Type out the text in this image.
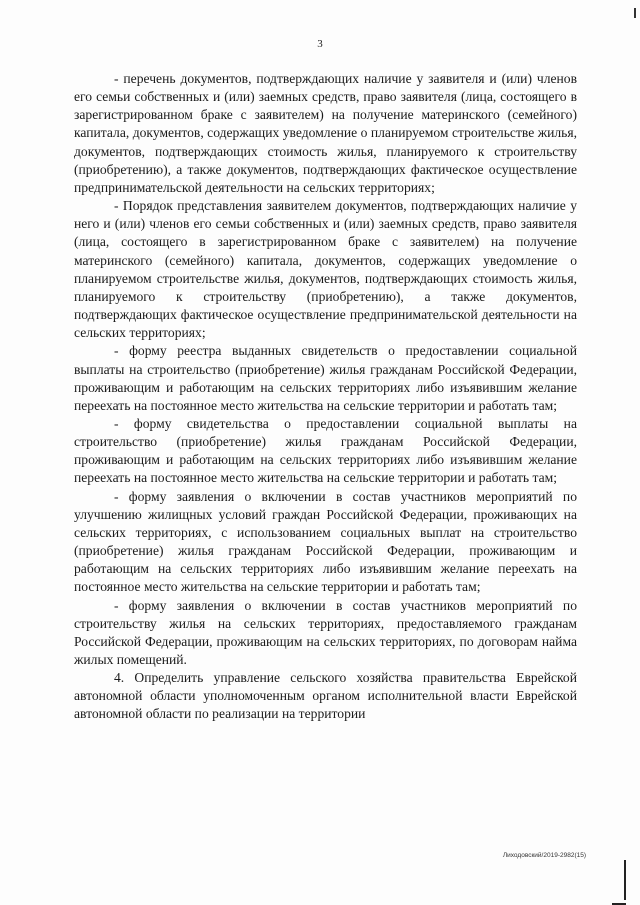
3

- перечень документов, подтверждающих наличие у заявителя и (или) членов его семьи собственных и (или) заемных средств, право заявителя (лица, состоящего в зарегистрированном браке с заявителем) на получение материнского (семейного) капитала, документов, содержащих уведомление о планируемом строительстве жилья, документов, подтверждающих стоимость жилья, планируемого к строительству (приобретению), а также документов, подтверждающих фактическое осуществление предпринимательской деятельности на сельских территориях;

- Порядок представления заявителем документов, подтверждающих наличие у него и (или) членов его семьи собственных и (или) заемных средств, право заявителя (лица, состоящего в зарегистрированном браке с заявителем) на получение материнского (семейного) капитала, документов, содержащих уведомление о планируемом строительстве жилья, документов, подтверждающих стоимость жилья, планируемого к строительству (приобретению), а также документов, подтверждающих фактическое осуществление предпринимательской деятельности на сельских территориях;

- форму реестра выданных свидетельств о предоставлении социальной выплаты на строительство (приобретение) жилья гражданам Российской Федерации, проживающим и работающим на сельских территориях либо изъявившим желание переехать на постоянное место жительства на сельские территории и работать там;

- форму свидетельства о предоставлении социальной выплаты на строительство (приобретение) жилья гражданам Российской Федерации, проживающим и работающим на сельских территориях либо изъявившим желание переехать на постоянное место жительства на сельские территории и работать там;

- форму заявления о включении в состав участников мероприятий по улучшению жилищных условий граждан Российской Федерации, проживающих на сельских территориях, с использованием социальных выплат на строительство (приобретение) жилья гражданам Российской Федерации, проживающим и работающим на сельских территориях либо изъявившим желание переехать на постоянное место жительства на сельские территории и работать там;

- форму заявления о включении в состав участников мероприятий по строительству жилья на сельских территориях, предоставляемого гражданам Российской Федерации, проживающим на сельских территориях, по договорам найма жилых помещений.

4. Определить управление сельского хозяйства правительства Еврейской автономной области уполномоченным органом исполнительной власти Еврейской автономной области по реализации на территории

Лиходовский/2019-2982(15)
